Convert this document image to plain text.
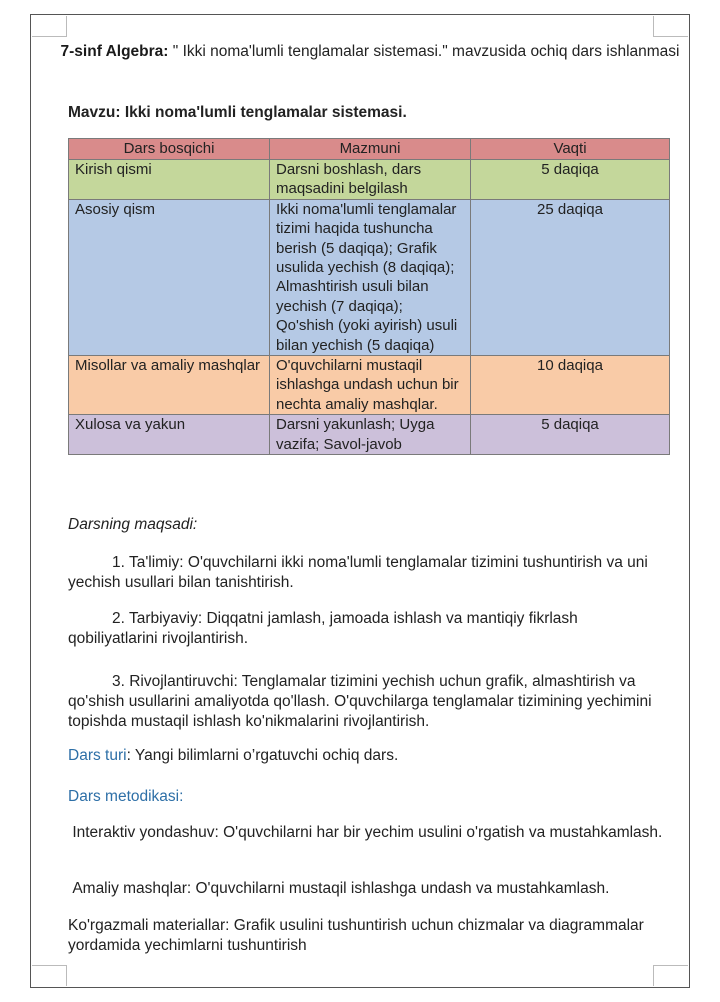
7-sinf Algebra: " Ikki noma'lumli tenglamalar sistemasi." mavzusida ochiq dars ishlanmasi
Mavzu: Ikki noma'lumli tenglamalar sistemasi.
Dars bosqichi	Mazmuni	Vaqti
Kirish qismi	Darsni boshlash, dars maqsadini belgilash	5 daqiqa
Asosiy qism	Ikki noma'lumli tenglamalar tizimi haqida tushuncha berish (5 daqiqa); Grafik usulida yechish (8 daqiqa); Almashtirish usuli bilan yechish (7 daqiqa); Qo'shish (yoki ayirish) usuli bilan yechish (5 daqiqa)	25 daqiqa
Misollar va amaliy mashqlar	O'quvchilarni mustaqil ishlashga undash uchun bir nechta amaliy mashqlar.	10 daqiqa
Xulosa va yakun	Darsni yakunlash; Uyga vazifa; Savol-javob	5 daqiqa
Darsning maqsadi:
1. Ta'limiy: O'quvchilarni ikki noma'lumli tenglamalar tizimini tushuntirish va uni yechish usullari bilan tanishtirish.
2. Tarbiyaviy: Diqqatni jamlash, jamoada ishlash va mantiqiy fikrlash qobiliyatlarini rivojlantirish.
3. Rivojlantiruvchi: Tenglamalar tizimini yechish uchun grafik, almashtirish va qo'shish usullarini amaliyotda qo'llash. O'quvchilarga tenglamalar tizimining yechimini topishda mustaqil ishlash ko'nikmalarini rivojlantirish.
Dars turi: Yangi bilimlarni o’rgatuvchi ochiq dars.
Dars metodikasi:
Interaktiv yondashuv: O'quvchilarni har bir yechim usulini o'rgatish va mustahkamlash.
Amaliy mashqlar: O'quvchilarni mustaqil ishlashga undash va mustahkamlash.
Ko'rgazmali materiallar: Grafik usulini tushuntirish uchun chizmalar va diagrammalar yordamida yechimlarni tushuntirish
